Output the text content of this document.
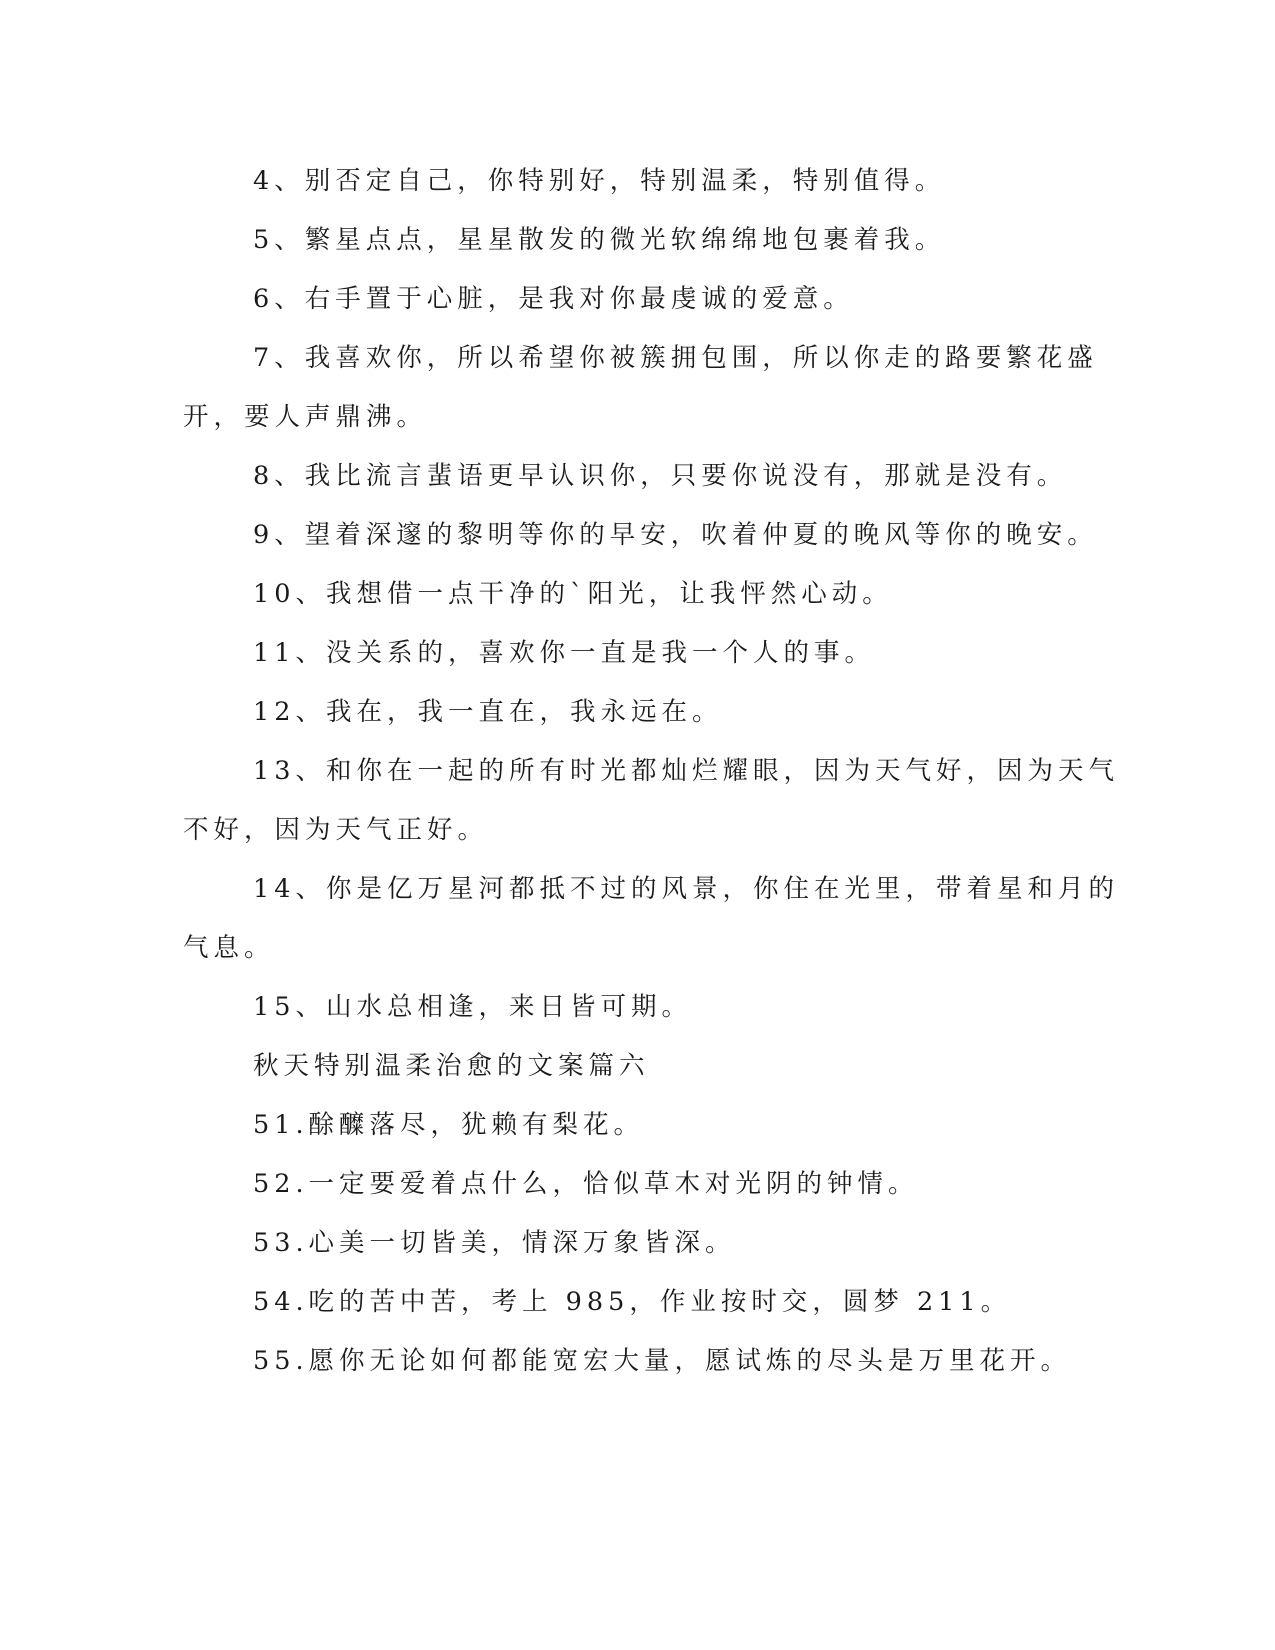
4、别否定自己，你特别好，特别温柔，特别值得。
5、繁星点点，星星散发的微光软绵绵地包裹着我。
6、右手置于心脏，是我对你最虔诚的爱意。
7、我喜欢你，所以希望你被簇拥包围，所以你走的路要繁花盛
开，要人声鼎沸。
8、我比流言蜚语更早认识你，只要你说没有，那就是没有。
9、望着深邃的黎明等你的早安，吹着仲夏的晚风等你的晚安。
10、我想借一点干净的`阳光，让我怦然心动。
11、没关系的，喜欢你一直是我一个人的事。
12、我在，我一直在，我永远在。
13、和你在一起的所有时光都灿烂耀眼，因为天气好，因为天气
不好，因为天气正好。
14、你是亿万星河都抵不过的风景，你住在光里，带着星和月的
气息。
15、山水总相逢，来日皆可期。
秋天特别温柔治愈的文案篇六
51.酴醾落尽，犹赖有梨花。
52.一定要爱着点什么，恰似草木对光阴的钟情。
53.心美一切皆美，情深万象皆深。
54.吃的苦中苦，考上 985，作业按时交，圆梦 211。
55.愿你无论如何都能宽宏大量，愿试炼的尽头是万里花开。
